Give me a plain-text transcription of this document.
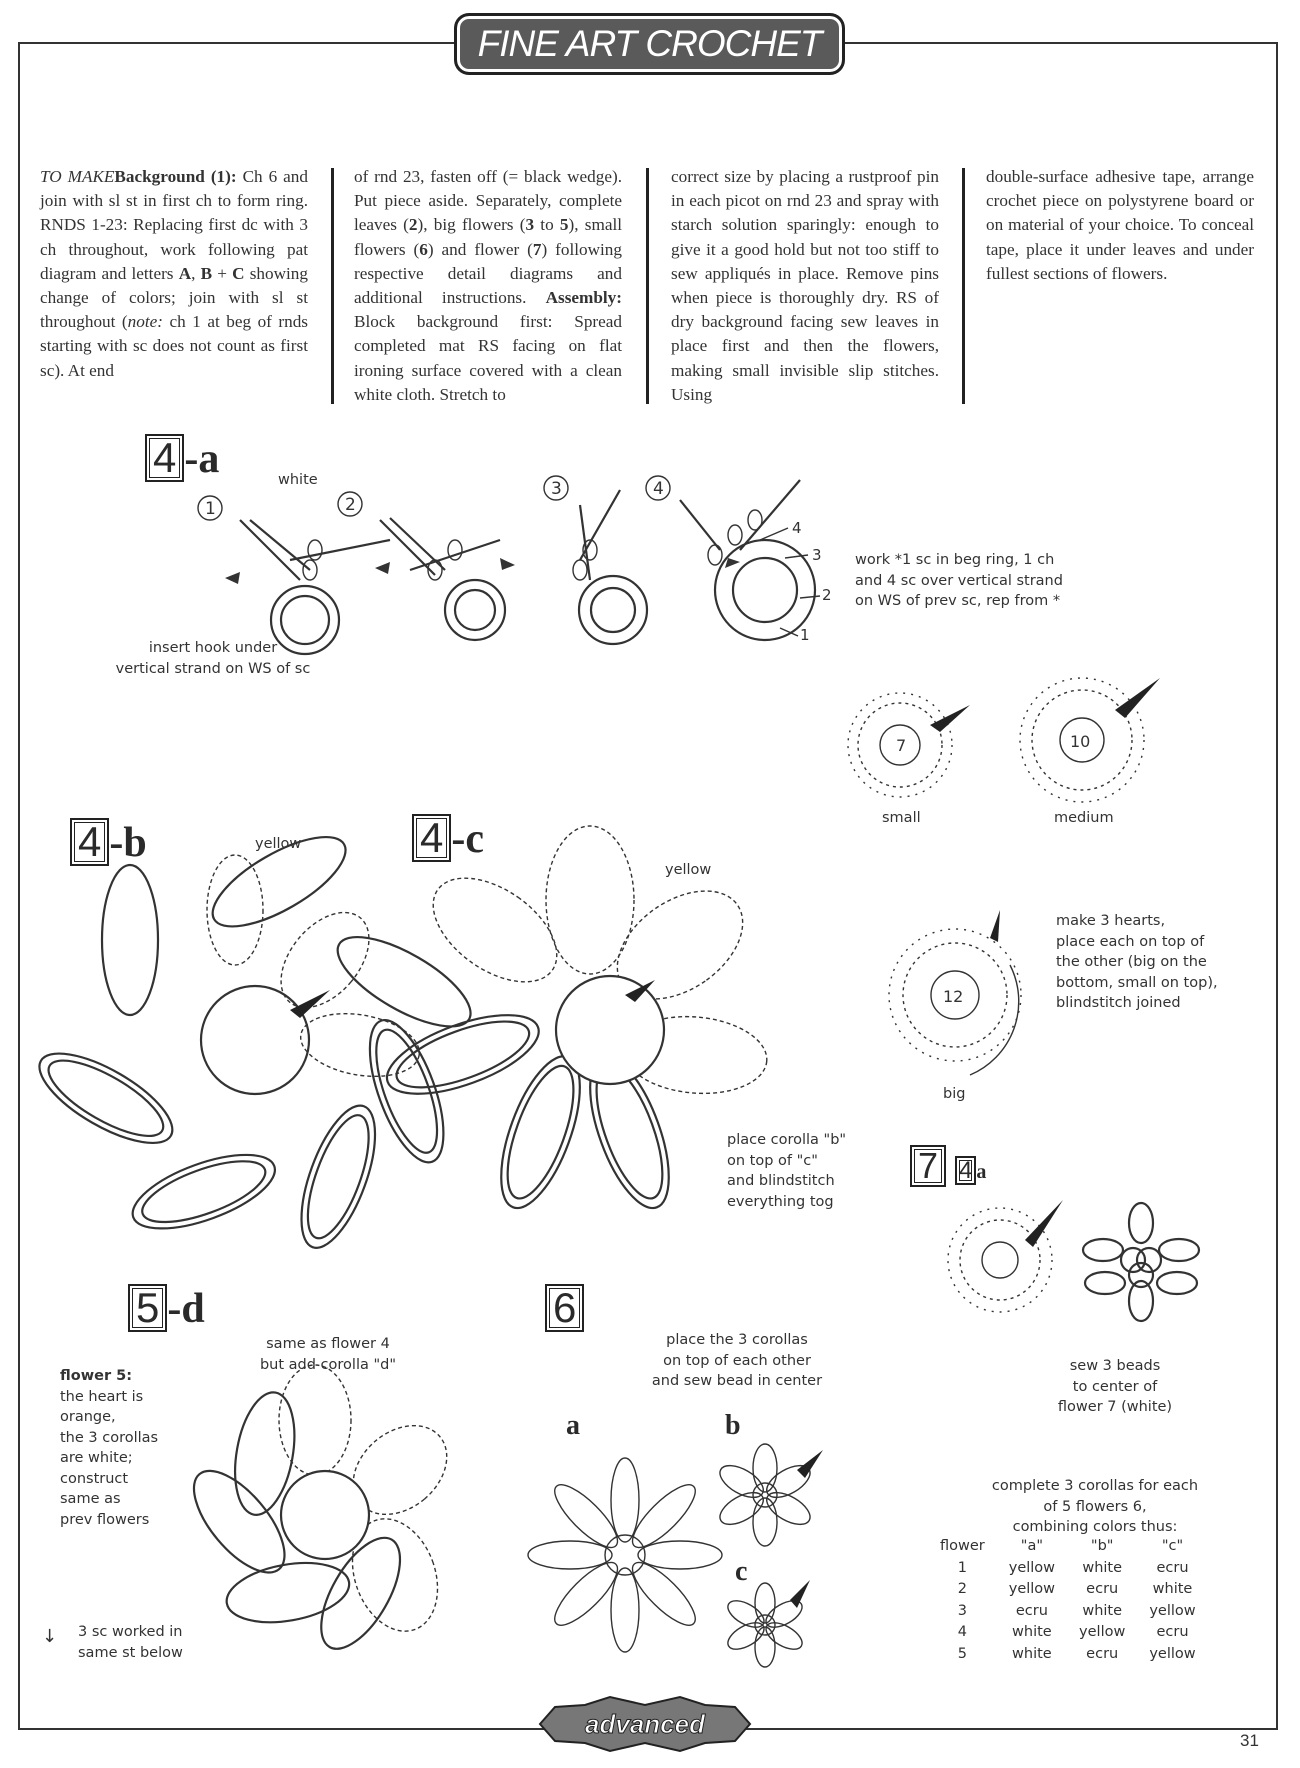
FINE ART CROCHET

TO MAKEBackground (1): Ch 6 and join with sl st in first ch to form ring. RNDS 1-23: Replacing first dc with 3 ch throughout, work following pat diagram and letters A, B + C showing change of colors; join with sl st throughout (note: ch 1 at beg of rnds starting with sc does not count as first sc). At end

of rnd 23, fasten off (= black wedge). Put piece aside. Separately, complete leaves (2), big flowers (3 to 5), small flowers (6) and flower (7) following respective detail diagrams and additional instructions. Assembly: Block background first: Spread completed mat RS facing on flat ironing surface covered with a clean white cloth. Stretch to

correct size by placing a rustproof pin in each picot on rnd 23 and spray with starch solution sparingly: enough to give it a good hold but not too stiff to sew appliqués in place. Remove pins when piece is thoroughly dry. RS of dry background facing sew leaves in place first and then the flowers, making small invisible slip stitches. Using

double-surface adhesive tape, arrange crochet piece on polystyrene board or on material of your choice. To conceal tape, place it under leaves and under fullest sections of flowers.

4 -a	white
1	2
3	4
4
3
2
1
insert hook under
vertical strand on WS of sc
work *1 sc in beg ring, 1 ch
and 4 sc over vertical strand
on WS of prev sc, rep from *
7	10
12
small	medium
big
make 3 hearts,
place each on top of
the other (big on the
bottom, small on top),
blindstitch joined
4 -b	yellow	4 -c
yellow
place corolla "b"
on top of "c"
and blindstitch
everything tog
7 4 a
sew 3 beads
to center of
flower 7 (white)
5 -d
same as flower 4
but add corolla "d"
flower 5:
the heart is
orange,
the 3 corollas
are white;
construct
same as
prev flowers
↓ 3 sc worked in
same st below
6
place the 3 corollas
on top of each other
and sew bead in center
a	b
c
complete 3 corollas for each
of 5 flowers 6,
combining colors thus:
flower	"a"	"b"	"c"
1	yellow	white	ecru
2	yellow	ecru	white
3	ecru	white	yellow
4	white	yellow	ecru
5	white	ecru	yellow
advanced
31
